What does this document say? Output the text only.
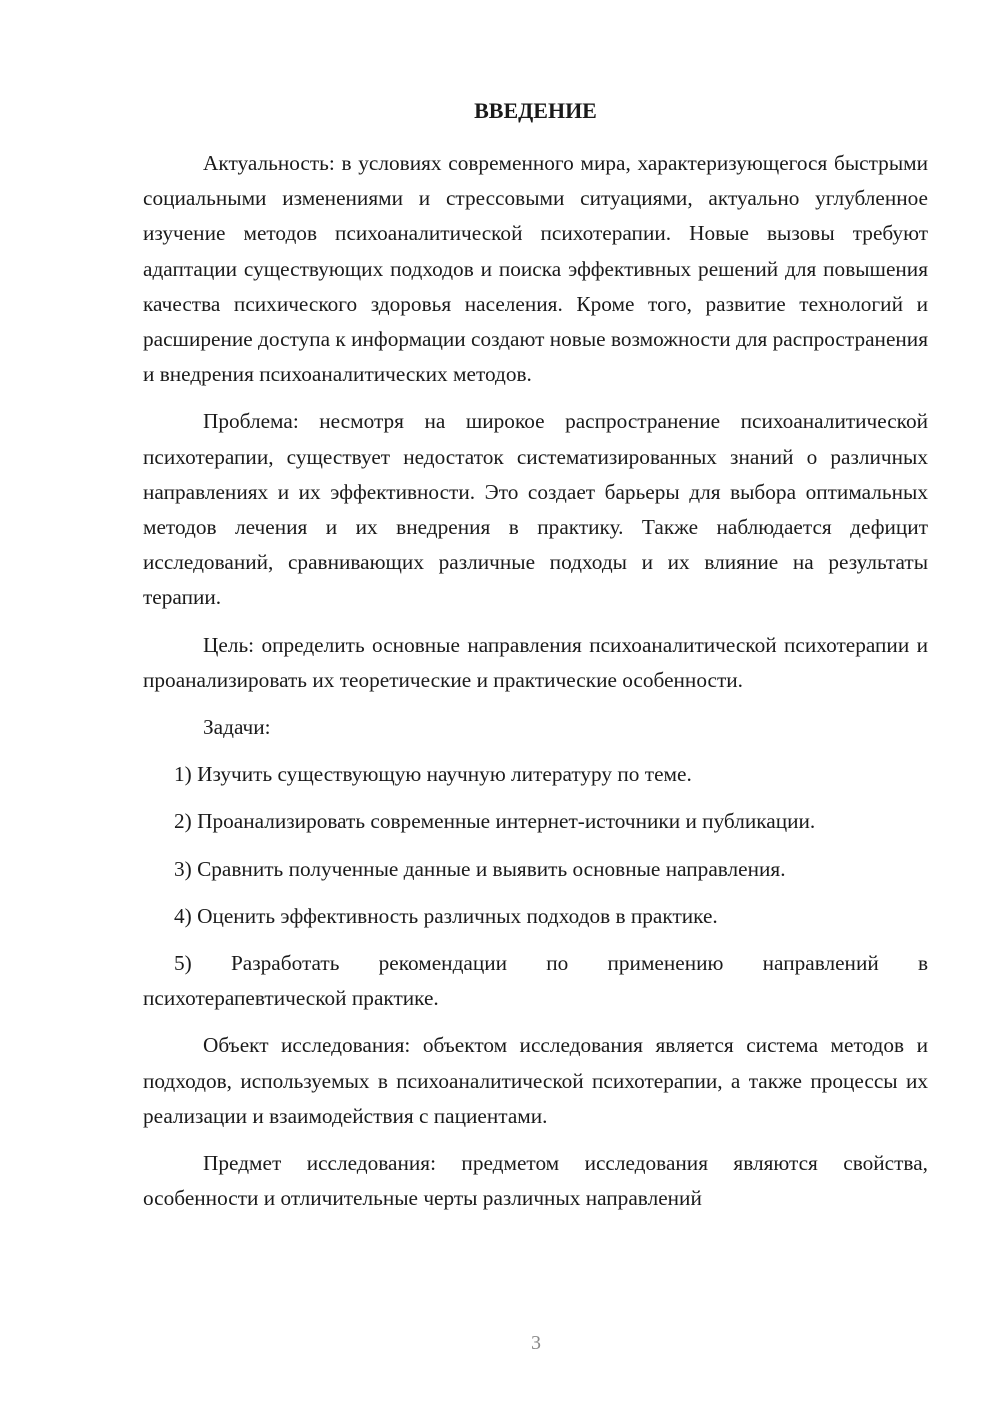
ВВЕДЕНИЕ

Актуальность: в условиях современного мира, характеризующегося быстрыми социальными изменениями и стрессовыми ситуациями, актуально углубленное изучение методов психоаналитической психотерапии. Новые вызовы требуют адаптации существующих подходов и поиска эффективных решений для повышения качества психического здоровья населения. Кроме того, развитие технологий и расширение доступа к информации создают новые возможности для распространения и внедрения психоаналитических методов.

Проблема: несмотря на широкое распространение психоаналитической психотерапии, существует недостаток систематизированных знаний о различных направлениях и их эффективности. Это создает барьеры для выбора оптимальных методов лечения и их внедрения в практику. Также наблюдается дефицит исследований, сравнивающих различные подходы и их влияние на результаты терапии.

Цель: определить основные направления психоаналитической психотерапии и проанализировать их теоретические и практические особенности.

Задачи:

1) Изучить существующую научную литературу по теме.

2) Проанализировать современные интернет-источники и публикации.

3) Сравнить полученные данные и выявить основные направления.

4) Оценить эффективность различных подходов в практике.

5) Разработать рекомендации по применению направлений в психотерапевтической практике.

Объект исследования: объектом исследования является система методов и подходов, используемых в психоаналитической психотерапии, а также процессы их реализации и взаимодействия с пациентами.

Предмет исследования: предметом исследования являются свойства, особенности и отличительные черты различных направлений

3
